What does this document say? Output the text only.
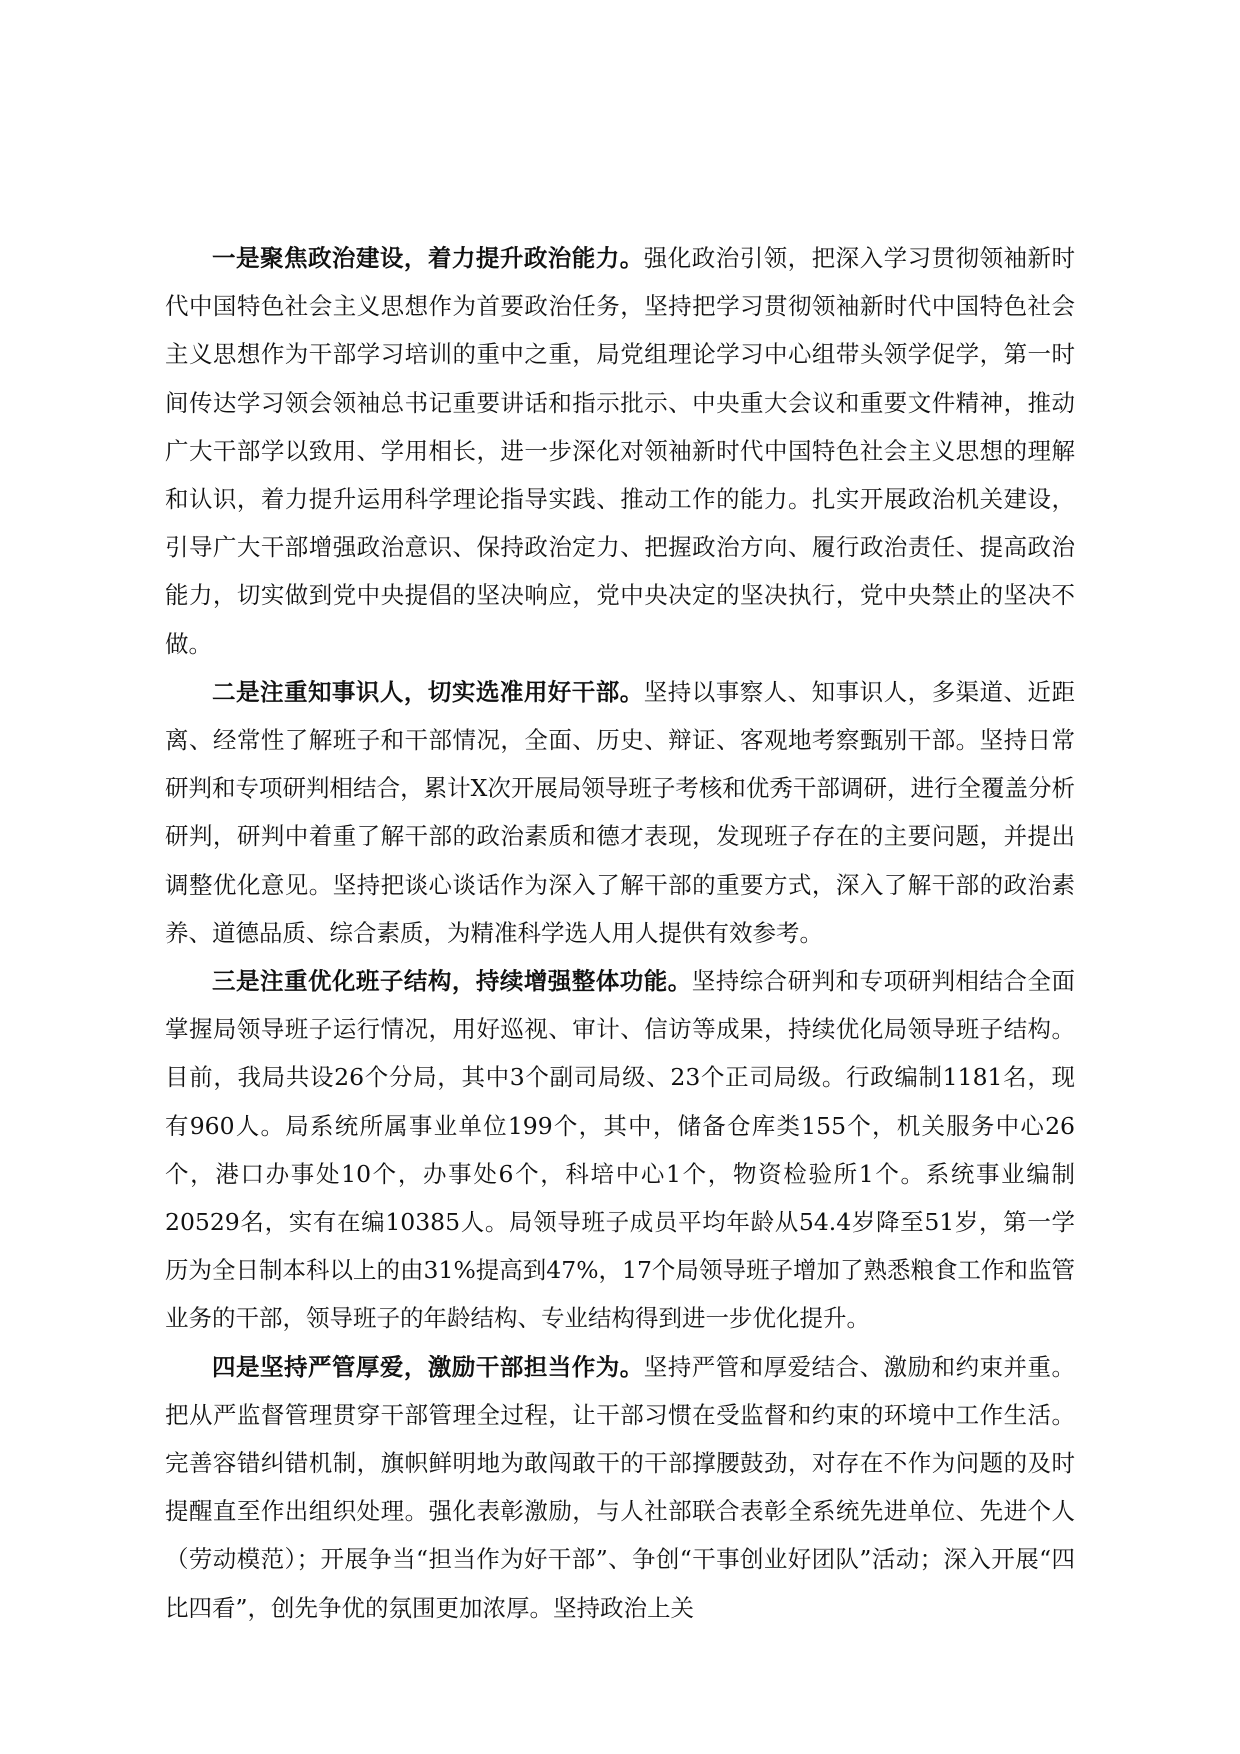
一是聚焦政治建设，着力提升政治能力。强化政治引领，把深入学习贯彻领袖新时代中国特色社会主义思想作为首要政治任务，坚持把学习贯彻领袖新时代中国特色社会主义思想作为干部学习培训的重中之重，局党组理论学习中心组带头领学促学，第一时间传达学习领会领袖总书记重要讲话和指示批示、中央重大会议和重要文件精神，推动广大干部学以致用、学用相长，进一步深化对领袖新时代中国特色社会主义思想的理解和认识，着力提升运用科学理论指导实践、推动工作的能力。扎实开展政治机关建设，引导广大干部增强政治意识、保持政治定力、把握政治方向、履行政治责任、提高政治能力，切实做到党中央提倡的坚决响应，党中央决定的坚决执行，党中央禁止的坚决不做。

二是注重知事识人，切实选准用好干部。坚持以事察人、知事识人，多渠道、近距离、经常性了解班子和干部情况，全面、历史、辩证、客观地考察甄别干部。坚持日常研判和专项研判相结合，累计X次开展局领导班子考核和优秀干部调研，进行全覆盖分析研判，研判中着重了解干部的政治素质和德才表现，发现班子存在的主要问题，并提出调整优化意见。坚持把谈心谈话作为深入了解干部的重要方式，深入了解干部的政治素养、道德品质、综合素质，为精准科学选人用人提供有效参考。

三是注重优化班子结构，持续增强整体功能。坚持综合研判和专项研判相结合全面掌握局领导班子运行情况，用好巡视、审计、信访等成果，持续优化局领导班子结构。目前，我局共设26个分局，其中3个副司局级、23个正司局级。行政编制1181名，现有960人。局系统所属事业单位199个，其中，储备仓库类155个，机关服务中心26个，港口办事处10个，办事处6个，科培中心1个，物资检验所1个。系统事业编制20529名，实有在编10385人。局领导班子成员平均年龄从54.4岁降至51岁，第一学历为全日制本科以上的由31%提高到47%，17个局领导班子增加了熟悉粮食工作和监管业务的干部，领导班子的年龄结构、专业结构得到进一步优化提升。

四是坚持严管厚爱，激励干部担当作为。坚持严管和厚爱结合、激励和约束并重。把从严监督管理贯穿干部管理全过程，让干部习惯在受监督和约束的环境中工作生活。完善容错纠错机制，旗帜鲜明地为敢闯敢干的干部撑腰鼓劲，对存在不作为问题的及时提醒直至作出组织处理。强化表彰激励，与人社部联合表彰全系统先进单位、先进个人（劳动模范）；开展争当“担当作为好干部”、争创“干事创业好团队”活动；深入开展“四比四看”，创先争优的氛围更加浓厚。坚持政治上关
